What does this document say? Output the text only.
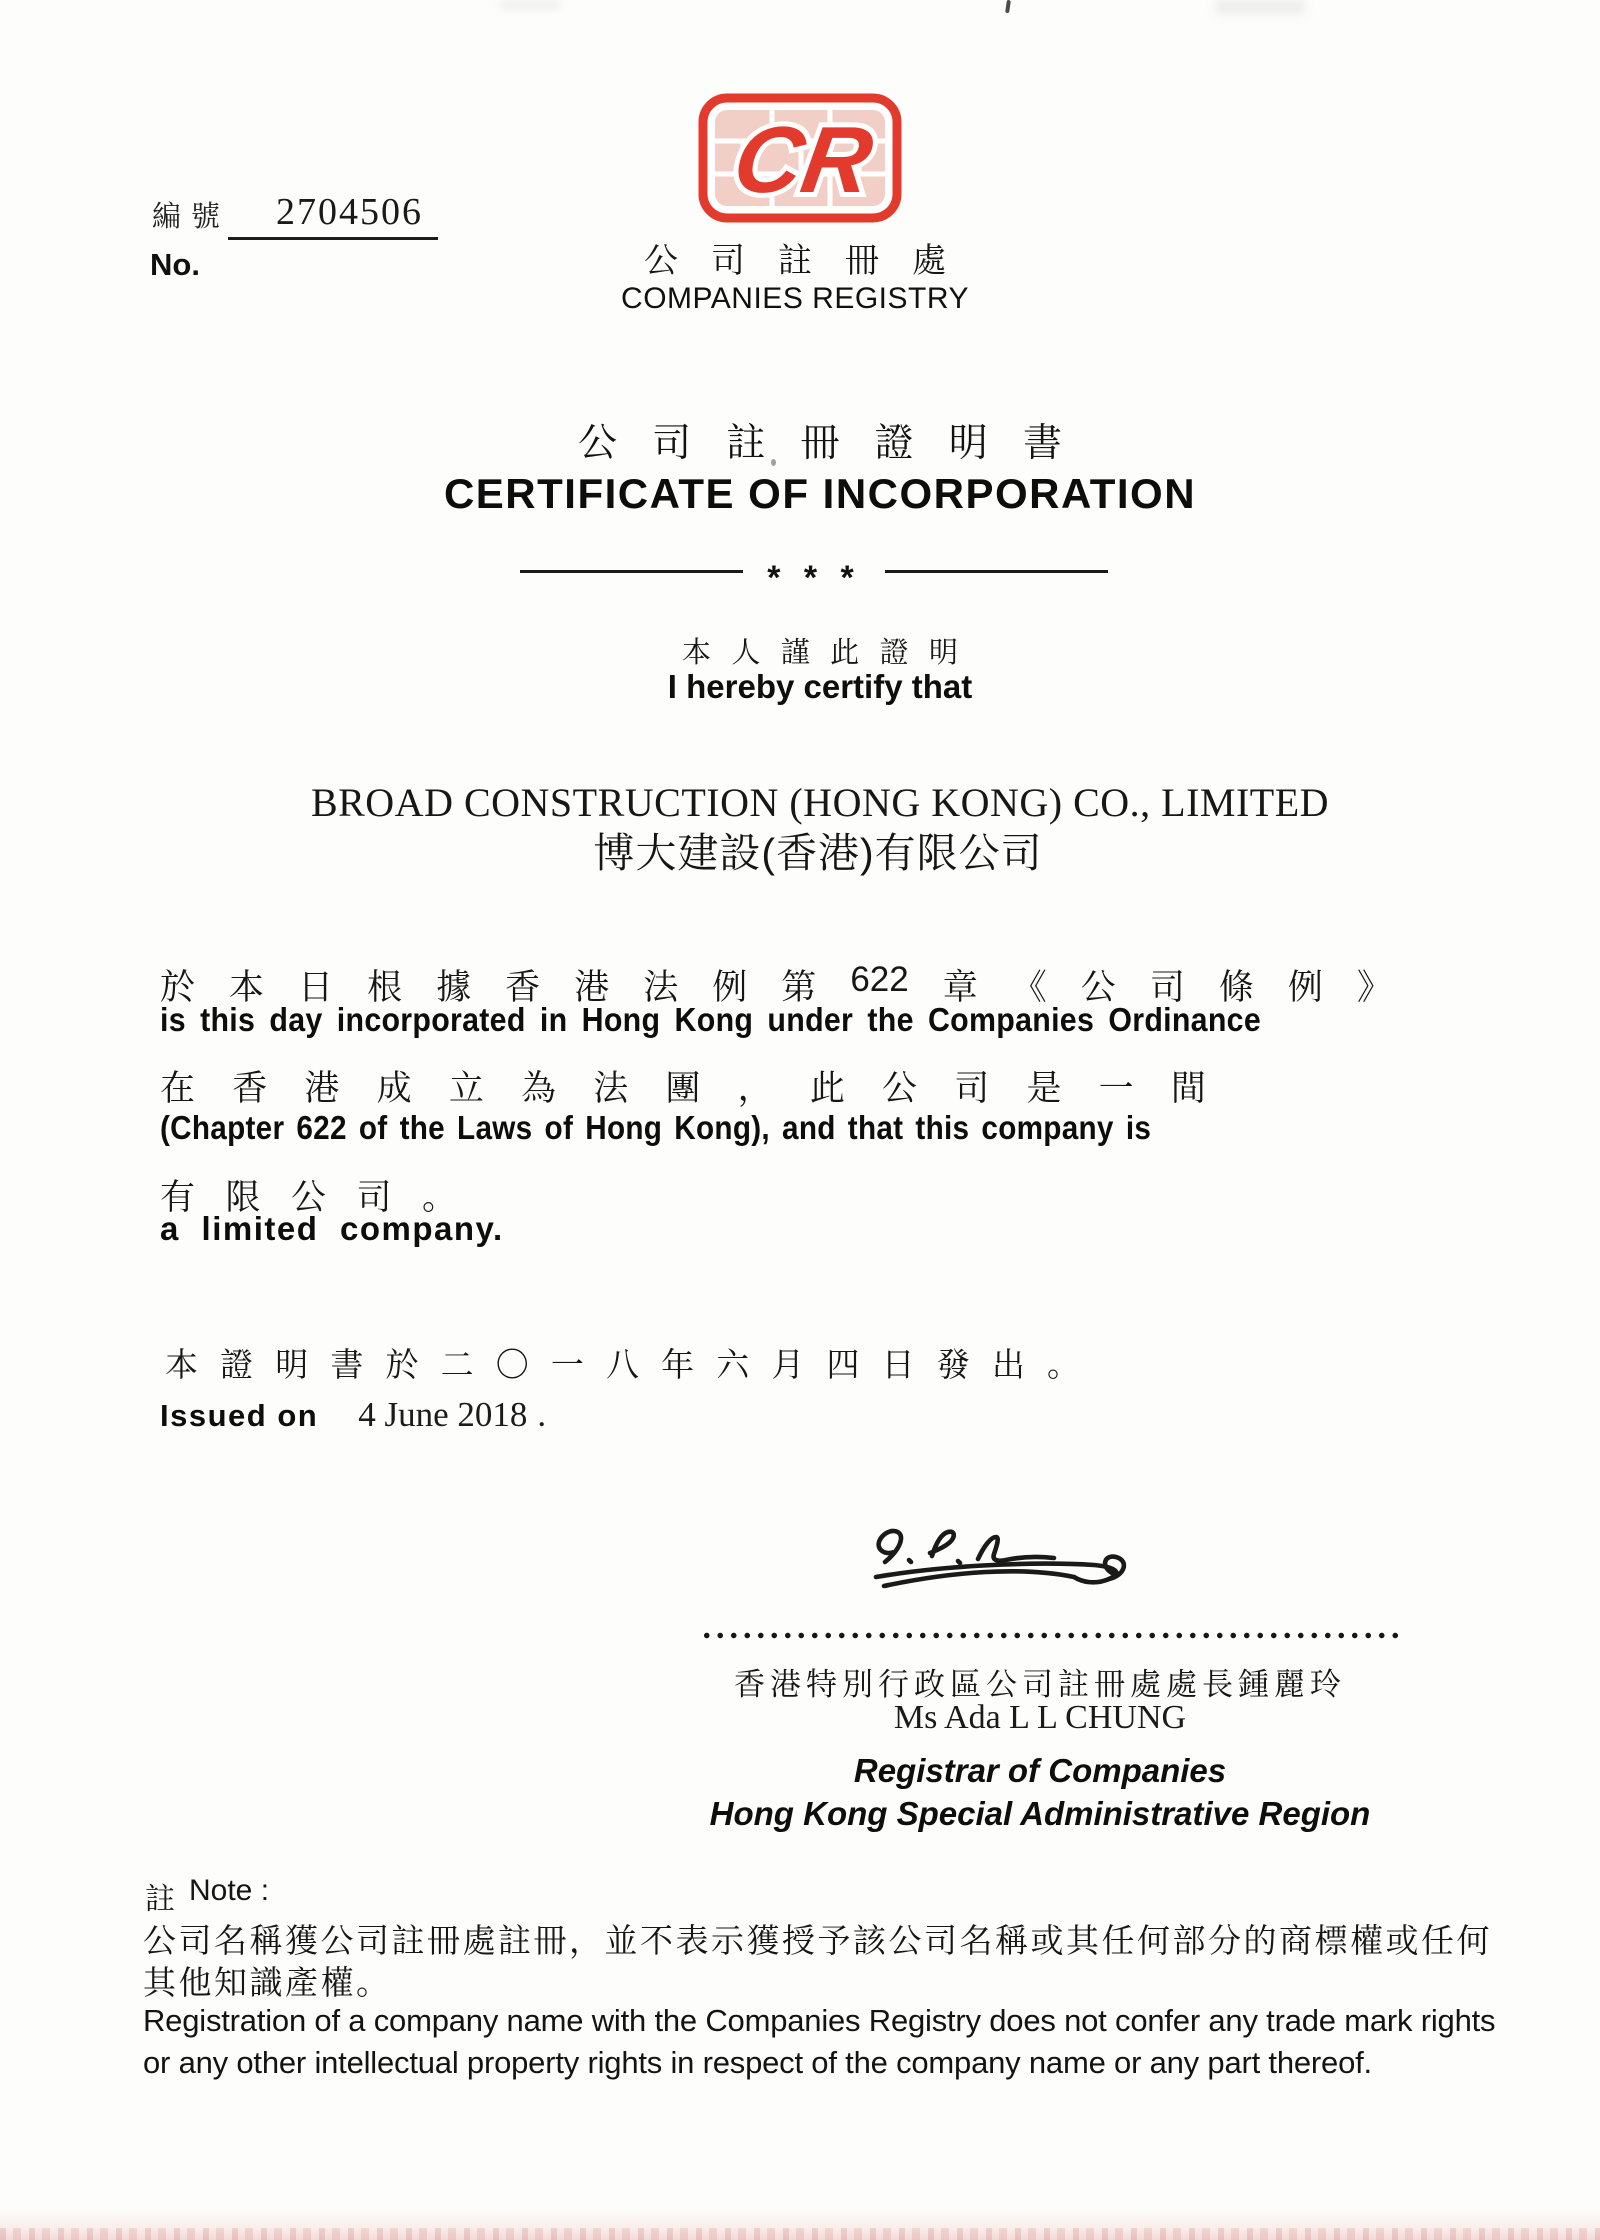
編號 2704506
No.
CR
公 司 註 冊 處
COMPANIES REGISTRY
公 司 註 冊 證 明 書
CERTIFICATE OF INCORPORATION
* * *
本 人 謹 此 證 明
I hereby certify that
BROAD CONSTRUCTION (HONG KONG) CO., LIMITED
博大建設(香港)有限公司
於 本 日 根 據 香 港 法 例 第 622 章 《 公 司 條 例 》
is this day incorporated in Hong Kong under the Companies Ordinance
在 香 港 成 立 為 法 團 ， 此 公 司 是 一 間
(Chapter 622 of the Laws of Hong Kong), and that this company is
有 限 公 司 。
a limited company.
本 證 明 書 於 二 〇 一 八 年 六 月 四 日 發 出 。
Issued on 4 June 2018 .
香港特別行政區公司註冊處處長鍾麗玲
Ms Ada L L CHUNG
Registrar of Companies
Hong Kong Special Administrative Region
註 Note :
公司名稱獲公司註冊處註冊，並不表示獲授予該公司名稱或其任何部分的商標權或任何
其他知識產權。
Registration of a company name with the Companies Registry does not confer any trade mark rights
or any other intellectual property rights in respect of the company name or any part thereof.
